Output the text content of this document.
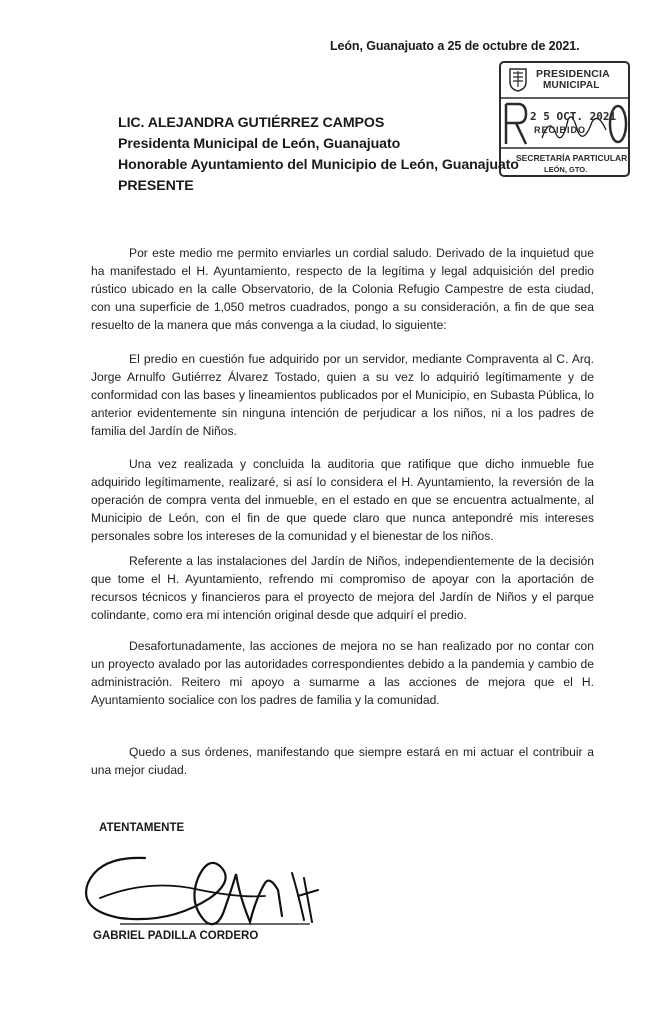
León, Guanajuato a 25 de octubre de 2021.
PRESIDENCIA
MUNICIPAL
2 5 OCT. 2021
RECIBIDO
SECRETARÍA PARTICULAR
LEÓN, GTO.
LIC. ALEJANDRA GUTIÉRREZ CAMPOS
Presidenta Municipal de León, Guanajuato
Honorable Ayuntamiento del Municipio de León, Guanajuato
PRESENTE

Por este medio me permito enviarles un cordial saludo. Derivado de la inquietud que ha manifestado el H. Ayuntamiento, respecto de la legítima y legal adquisición del predio rústico ubicado en la calle Observatorio, de la Colonia Refugio Campestre de esta ciudad, con una superficie de 1,050 metros cuadrados, pongo a su consideración, a fin de que sea resuelto de la manera que más convenga a la ciudad, lo siguiente:

El predio en cuestión fue adquirido por un servidor, mediante Compraventa al C. Arq. Jorge Arnulfo Gutiérrez Álvarez Tostado, quien a su vez lo adquirió legítimamente y de conformidad con las bases y lineamientos publicados por el Municipio, en Subasta Pública, lo anterior evidentemente sin ninguna intención de perjudicar a los niños, ni a los padres de familia del Jardín de Niños.

Una vez realizada y concluida la auditoria que ratifique que dicho inmueble fue adquirido legítimamente, realizaré, si así lo considera el H. Ayuntamiento, la reversión de la operación de compra venta del inmueble, en el estado en que se encuentra actualmente, al Municipio de León, con el fin de que quede claro que nunca antepondré mis intereses personales sobre los intereses de la comunidad y el bienestar de los niños.

Referente a las instalaciones del Jardín de Niños, independientemente de la decisión que tome el H. Ayuntamiento, refrendo mi compromiso de apoyar con la aportación de recursos técnicos y financieros para el proyecto de mejora del Jardín de Niños y el parque colindante, como era mi intención original desde que adquirí el predio.

Desafortunadamente, las acciones de mejora no se han realizado por no contar con un proyecto avalado por las autoridades correspondientes debido a la pandemia y cambio de administración. Reitero mi apoyo a sumarme a las acciones de mejora que el H. Ayuntamiento socialice con los padres de familia y la comunidad.

Quedo a sus órdenes, manifestando que siempre estará en mi actuar el contribuir a una mejor ciudad.

ATENTAMENTE
GABRIEL PADILLA CORDERO
